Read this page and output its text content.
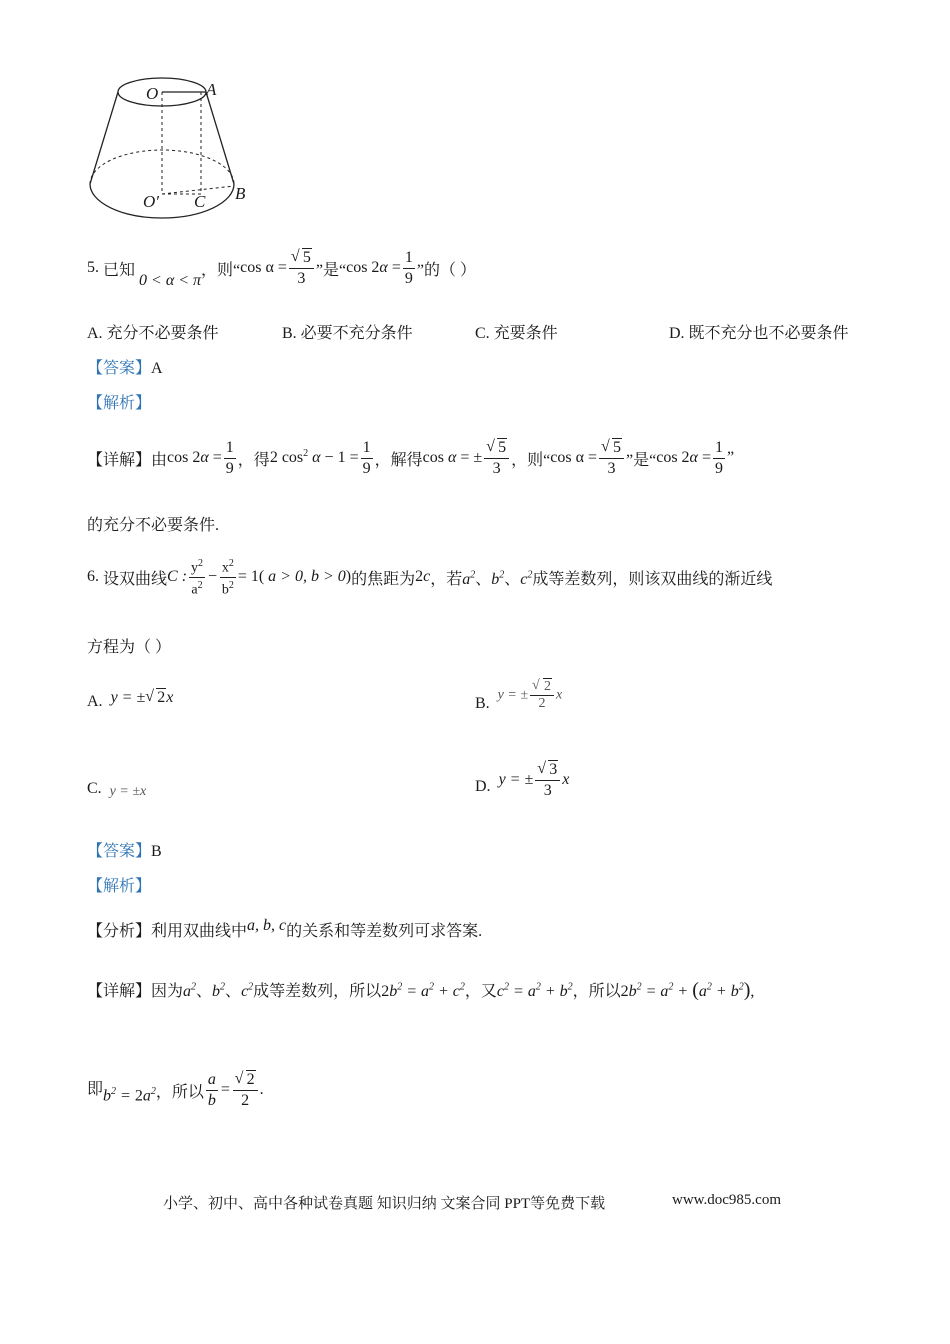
O	A
O′ C B
5. 已知
0 < α < π
，则“ cos α = √ $\frac{5}{3}$ ”是“ $\cos 2\alpha = \frac{1}{9}$ ”的（ ）
A. 充分不必要条件	B. 必要不充分条件	C. 充要条件	D. 既不充分也不必要条件
【答案】A
【解析】
【详解】 由 $\cos 2\alpha = \frac{1}{9}$ ，得 2 $\cos^2 \alpha - 1 = \frac{1}{9}$ ，解得 cos α = ± √ $\frac{5}{3}$ ，则“ cos α = √ $\frac{5}{3}$ ”是“ $\cos 2\alpha = \frac{1}{9}$ ”
的充分不必要条件.
6. 设双曲线 C : $\frac{y^2}{a^2} - \frac{x^2}{b^2} = 1$( a > 0, b > 0) 的焦距为 2c ，若 $a^2$、$b^2$、$c^2$ 成等差数列，则该双曲线的渐近线
方程为（ ）
A. y = ± √ 2x	B.
y = ± √ $\frac{2}{2}$ x
C. y = ±x	D. y = ± √ $\frac{3}{3}$ x
【答案】B
【解析】
【分析】利用双曲线中a, b, c的关系和等差数列可求答案.
【详解】因为$a^2$、$b^2$、$c^2$成等差数列，所以$2b^2 = a^2 + c^2$，又$c^2 = a^2 + b^2$，所以$2b^2 = a^2 + (a^2 + b^2)$,
即 $b^2 = 2a^2$ ，所以 $\frac{a}{b}$ = √ $\frac{2}{2}$ .
小学、初中、高中各种试卷真题 知识归纳 文案合同 PPT等免费下载	www.doc985.com
